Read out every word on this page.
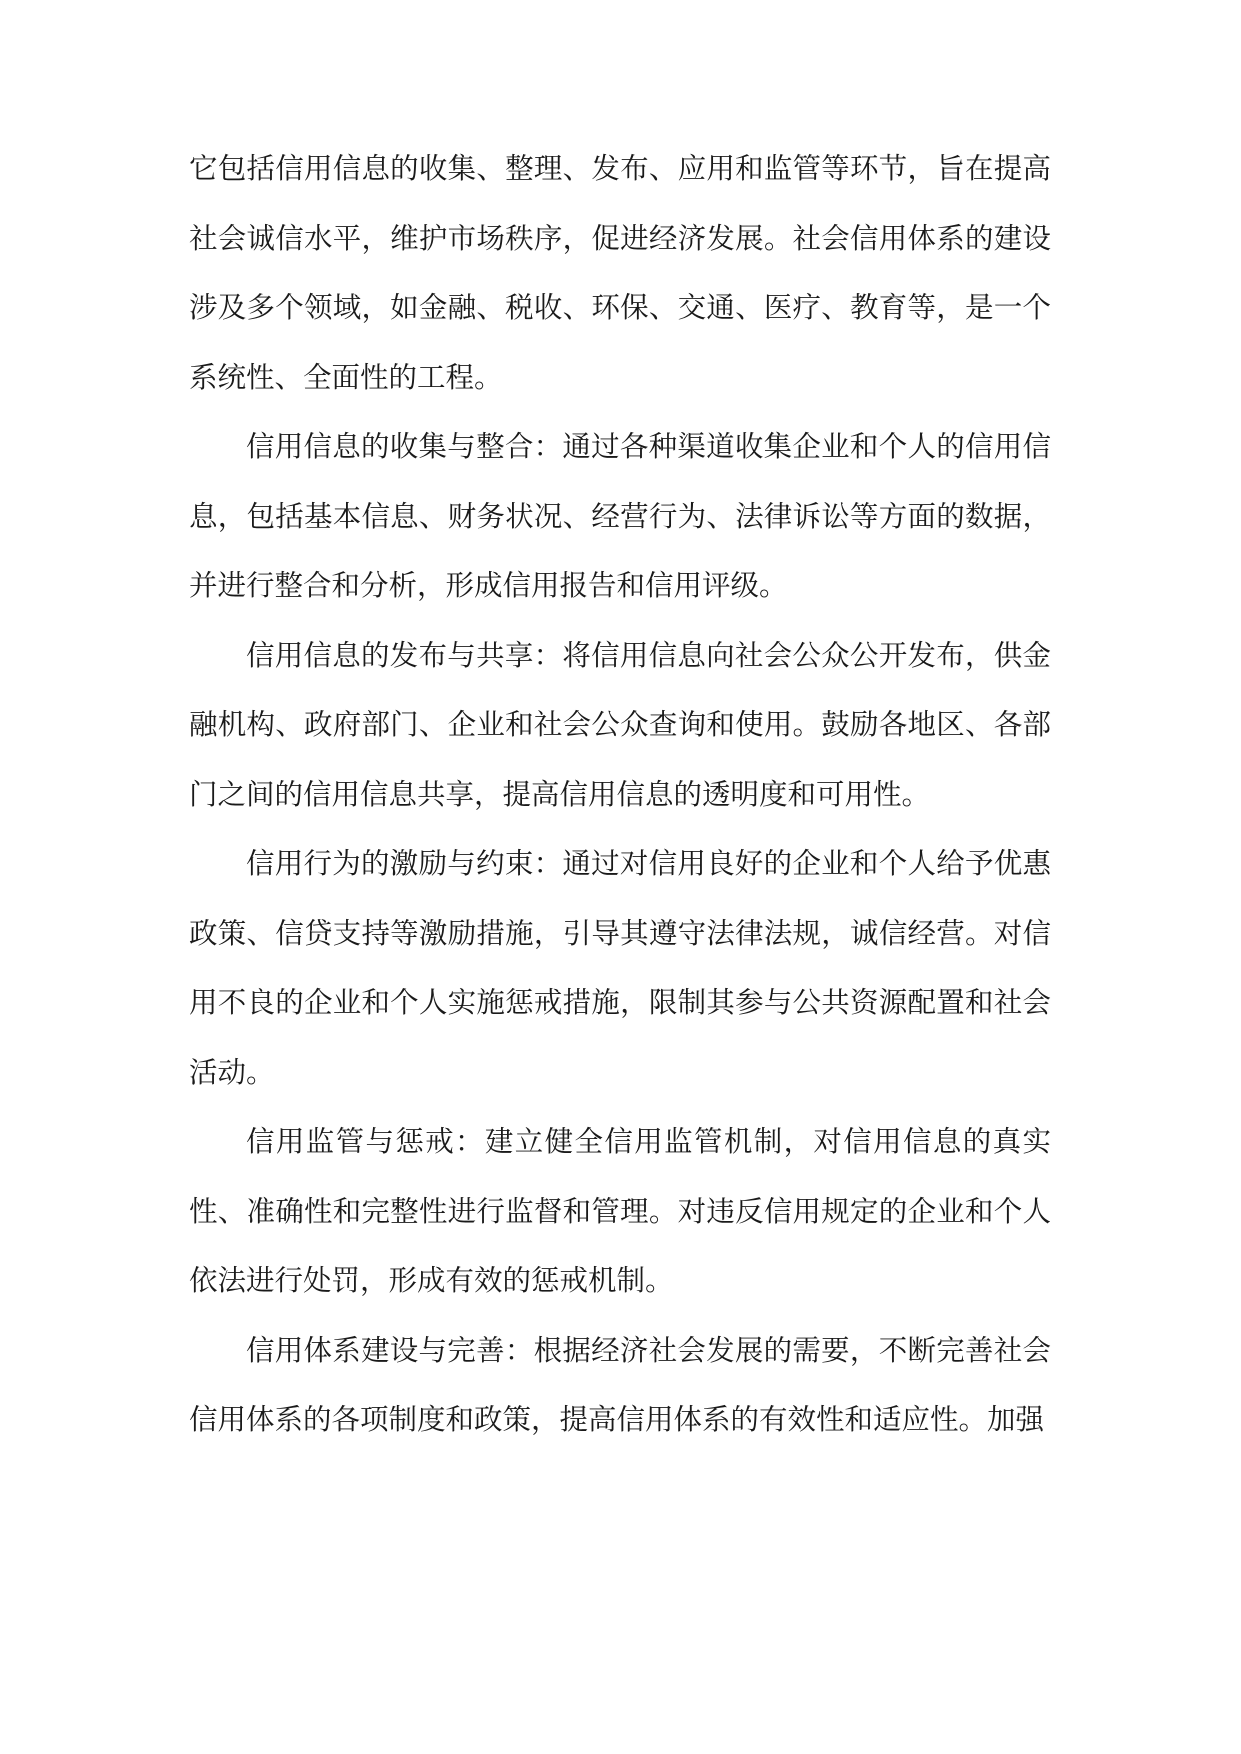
它包括信用信息的收集、整理、发布、应用和监管等环节，旨在提高社会诚信水平，维护市场秩序，促进经济发展。社会信用体系的建设涉及多个领域，如金融、税收、环保、交通、医疗、教育等，是一个系统性、全面性的工程。

信用信息的收集与整合：通过各种渠道收集企业和个人的信用信息，包括基本信息、财务状况、经营行为、法律诉讼等方面的数据，并进行整合和分析，形成信用报告和信用评级。

信用信息的发布与共享：将信用信息向社会公众公开发布，供金融机构、政府部门、企业和社会公众查询和使用。鼓励各地区、各部门之间的信用信息共享，提高信用信息的透明度和可用性。

信用行为的激励与约束：通过对信用良好的企业和个人给予优惠政策、信贷支持等激励措施，引导其遵守法律法规，诚信经营。对信用不良的企业和个人实施惩戒措施，限制其参与公共资源配置和社会活动。

信用监管与惩戒：建立健全信用监管机制，对信用信息的真实性、准确性和完整性进行监督和管理。对违反信用规定的企业和个人依法进行处罚，形成有效的惩戒机制。

信用体系建设与完善：根据经济社会发展的需要，不断完善社会信用体系的各项制度和政策，提高信用体系的有效性和适应性。加强
